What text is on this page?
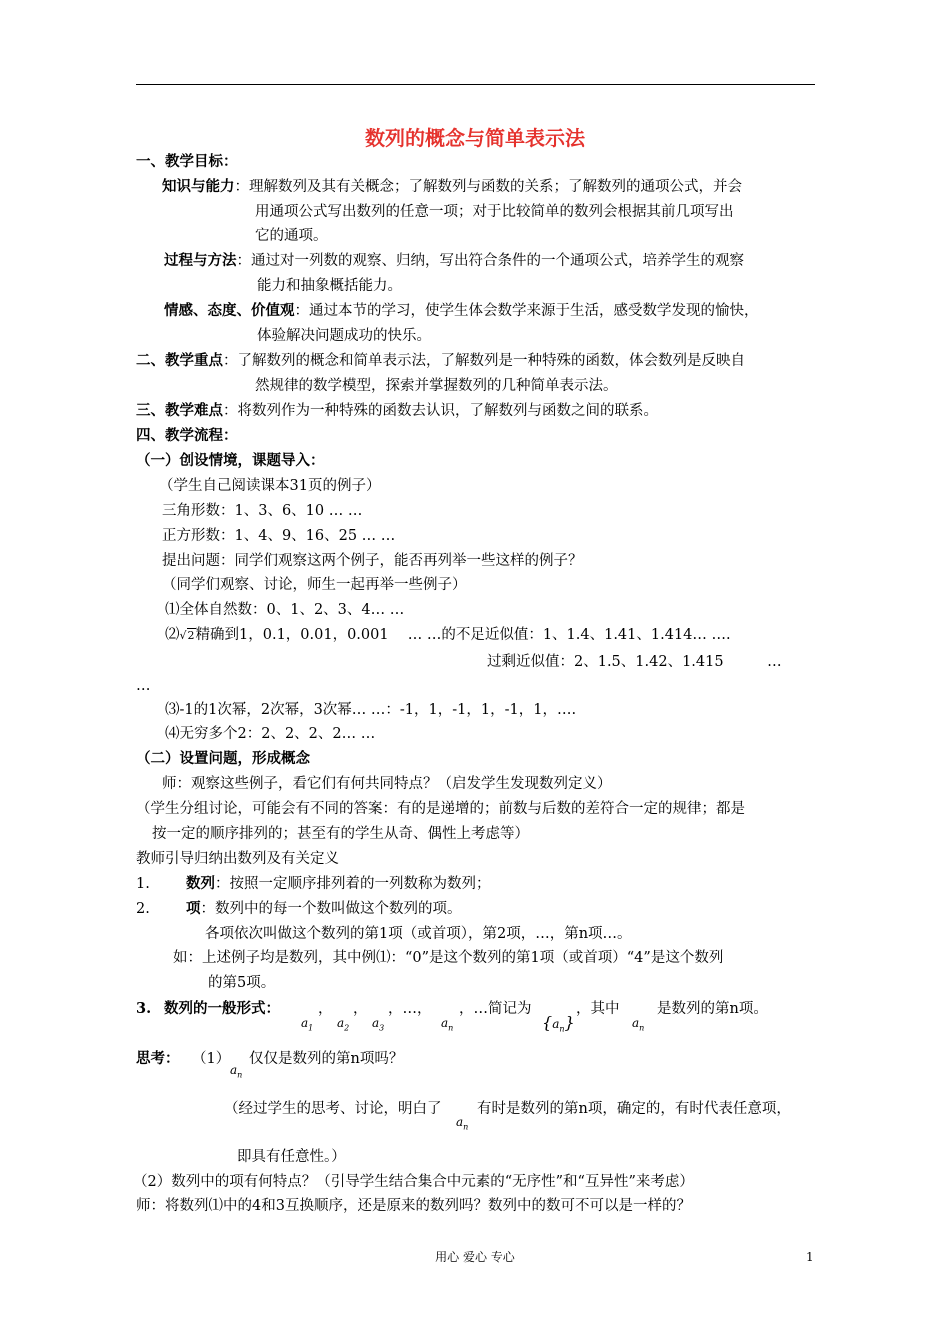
数列的概念与简单表示法
一、教学目标：
知识与能力：理解数列及其有关概念；了解数列与函数的关系；了解数列的通项公式，并会
用通项公式写出数列的任意一项；对于比较简单的数列会根据其前几项写出
它的通项。
过程与方法：通过对一列数的观察、归纳，写出符合条件的一个通项公式，培养学生的观察
能力和抽象概括能力。
情感、态度、价值观：通过本节的学习，使学生体会数学来源于生活，感受数学发现的愉快，
体验解决问题成功的快乐。
二、教学重点：了解数列的概念和简单表示法，了解数列是一种特殊的函数，体会数列是反映自
然规律的数学模型，探索并掌握数列的几种简单表示法。
三、教学难点：将数列作为一种特殊的函数去认识，了解数列与函数之间的联系。
四、教学流程：
（一）创设情境，课题导入：
（学生自己阅读课本31页的例子）
三角形数：1、3、6、10 … …
正方形数：1、4、9、16、25 … …
提出问题：同学们观察这两个例子，能否再列举一些这样的例子？
（同学们观察、讨论，师生一起再举一些例子）
⑴全体自然数：0、1、2、3、4… …
⑵√2精确到1，0.1，0.01，0.001　 … …的不足近似值：1、1.4、1.41、1.414… ….
过剩近似值：2、1.5、1.42、1.415　　　…
…
⑶-1的1次幂，2次幂，3次幂… …：-1，1，-1，1，-1，1，….
⑷无穷多个2：2、2、2、2… …
（二）设置问题，形成概念
师：观察这些例子，看它们有何共同特点？（启发学生发现数列定义）
（学生分组讨论，可能会有不同的答案：有的是递增的；前数与后数的差符合一定的规律；都是
按一定的顺序排列的；甚至有的学生从奇、偶性上考虑等）
教师引导归纳出数列及有关定义
1. 数列：按照一定顺序排列着的一列数称为数列；
2. 项：数列中的每一个数叫做这个数列的项。
各项依次叫做这个数列的第1项（或首项），第2项，…，第n项…。
如：上述例子均是数列，其中例⑴：“0”是这个数列的第1项（或首项）“4”是这个数列
的第5项。
3. 数列的一般形式：	， ， ，…， ，…简记为	，其中	是数列的第n项。
$a_1$ $a_2$ $a_3$	$a_n$	$\{a_n\}$	$a_n$
思考： （1） 仅仅是数列的第n项吗？
$a_n$
（经过学生的思考、讨论，明白了
$a_n$
有时是数列的第n项，确定的，有时代表任意项，
即具有任意性。）
（2）数列中的项有何特点？（引导学生结合集合中元素的“无序性”和“互异性”来考虑）
师：将数列⑴中的4和3互换顺序，还是原来的数列吗？数列中的数可不可以是一样的？
用心 爱心 专心	1
